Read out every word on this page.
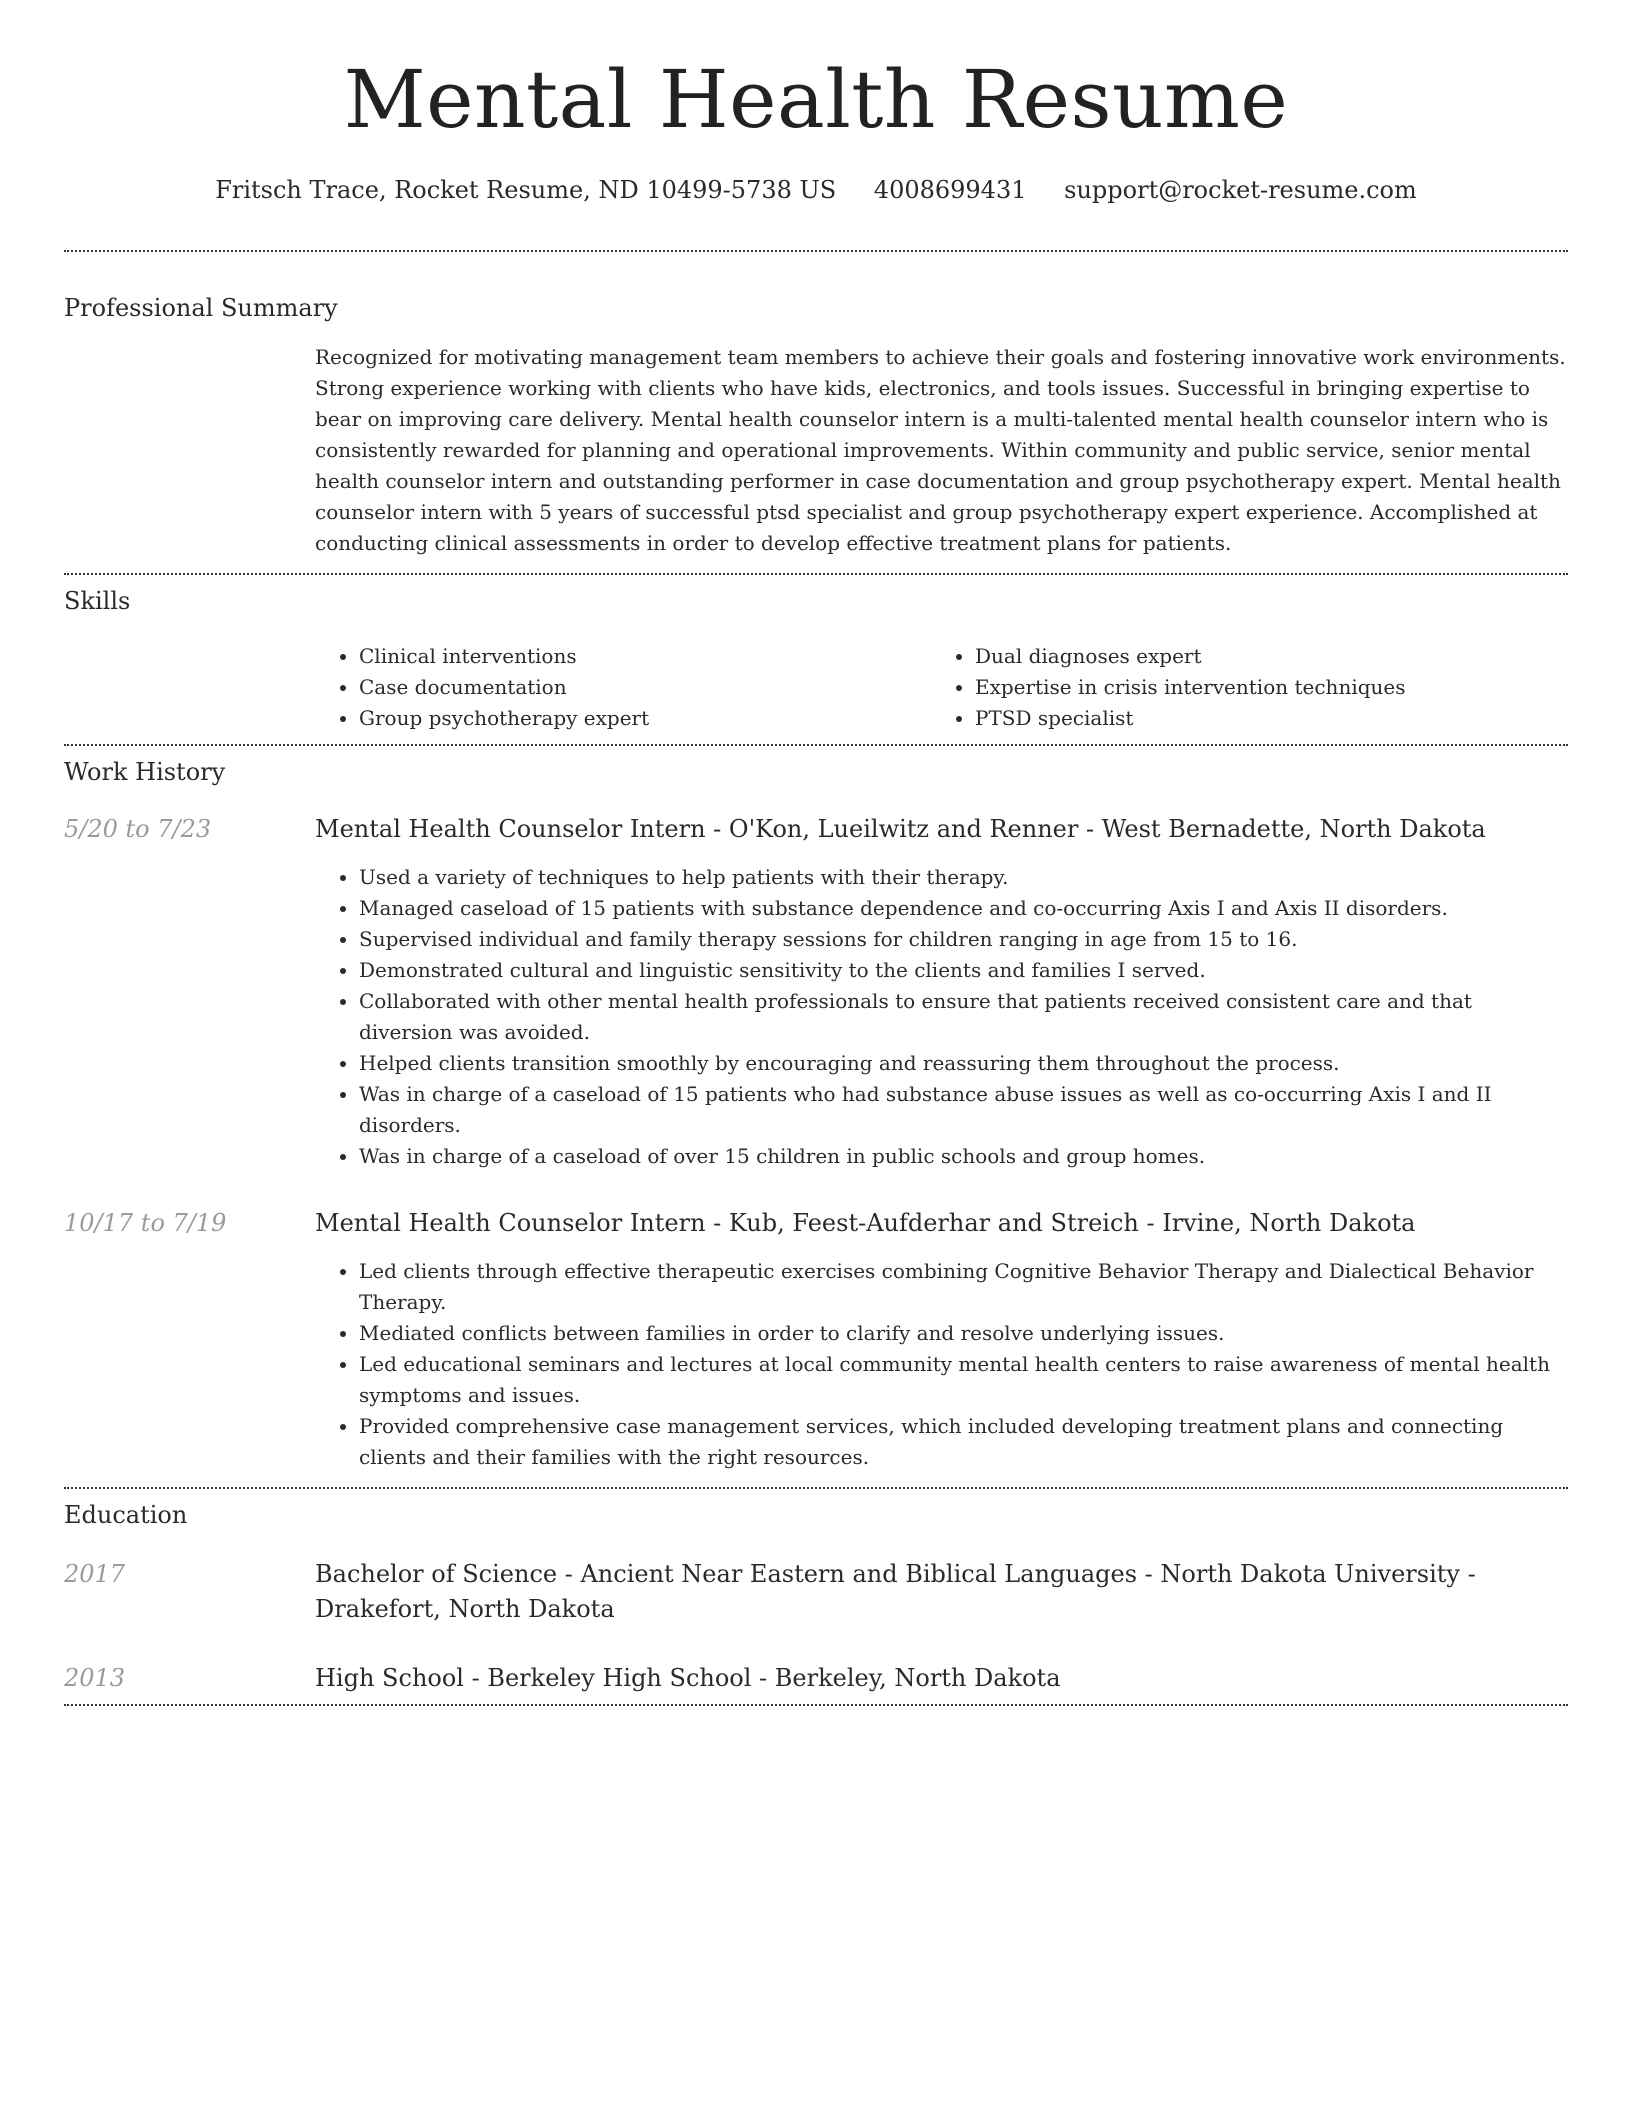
Mental Health Resume
Fritsch Trace, Rocket Resume, ND 10499-5738 US 4008699431 support@rocket-resume.com
Professional Summary

Recognized for motivating management team members to achieve their goals and fostering innovative work environments. Strong experience working with clients who have kids, electronics, and tools issues. Successful in bringing expertise to bear on improving care delivery. Mental health counselor intern is a multi-talented mental health counselor intern who is consistently rewarded for planning and operational improvements. Within community and public service, senior mental health counselor intern and outstanding performer in case documentation and group psychotherapy expert. Mental health counselor intern with 5 years of successful ptsd specialist and group psychotherapy expert experience. Accomplished at conducting clinical assessments in order to develop effective treatment plans for patients.

Skills
• Clinical interventions
• Case documentation
• Group psychotherapy expert
• Dual diagnoses expert
• Expertise in crisis intervention techniques
• PTSD specialist
Work History
5/20 to 7/23	Mental Health Counselor Intern - O'Kon, Lueilwitz and Renner - West Bernadette, North Dakota
• Used a variety of techniques to help patients with their therapy.
• Managed caseload of 15 patients with substance dependence and co-occurring Axis I and Axis II disorders.
• Supervised individual and family therapy sessions for children ranging in age from 15 to 16.
• Demonstrated cultural and linguistic sensitivity to the clients and families I served.
• Collaborated with other mental health professionals to ensure that patients received consistent care and that diversion was avoided.
• Helped clients transition smoothly by encouraging and reassuring them throughout the process.
• Was in charge of a caseload of 15 patients who had substance abuse issues as well as co-occurring Axis I and II disorders.
• Was in charge of a caseload of over 15 children in public schools and group homes.
10/17 to 7/19	Mental Health Counselor Intern - Kub, Feest-Aufderhar and Streich - Irvine, North Dakota
• Led clients through effective therapeutic exercises combining Cognitive Behavior Therapy and Dialectical Behavior Therapy.
• Mediated conflicts between families in order to clarify and resolve underlying issues.
• Led educational seminars and lectures at local community mental health centers to raise awareness of mental health symptoms and issues.
• Provided comprehensive case management services, which included developing treatment plans and connecting clients and their families with the right resources.
Education
2017	Bachelor of Science - Ancient Near Eastern and Biblical Languages - North Dakota University - Drakefort, North Dakota
2013	High School - Berkeley High School - Berkeley, North Dakota
